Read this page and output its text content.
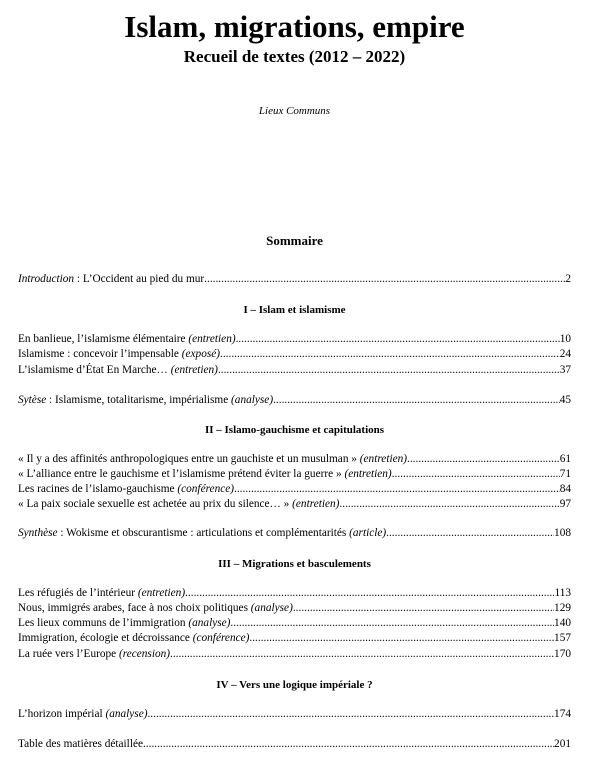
Islam, migrations, empire
Recueil de textes (2012 – 2022)
Lieux Communs
Sommaire
I – Islam et islamisme
II – Islamo-gauchisme et capitulations
III – Migrations et basculements
IV – Vers une logique impériale ?
Introduction : L’Occident au pied du mur .....	2
En banlieue, l’islamisme élémentaire (entretien) .....	10
Islamisme : concevoir l’impensable (exposé) .....	24
L’islamisme d’État En Marche… (entretien) .....	37
Sytèse : Islamisme, totalitarisme, impérialisme (analyse) .....	45
« Il y a des affinités anthropologiques entre un gauchiste et un musulman » (entretien) .....	61
« L’alliance entre le gauchisme et l’islamisme prétend éviter la guerre » (entretien) .....	71
Les racines de l’islamo-gauchisme (conférence) .....	84
« La paix sociale sexuelle est achetée au prix du silence… » (entretien) .....	97
Synthèse : Wokisme et obscurantisme : articulations et complémentarités (article) .....	108
Les réfugiés de l’intérieur (entretien) .....	113
Nous, immigrés arabes, face à nos choix politiques (analyse) .....	129
Les lieux communs de l’immigration (analyse) .....	140
Immigration, écologie et décroissance (conférence) .....	157
La ruée vers l’Europe (recension) .....	170
L’horizon impérial (analyse) .....	174
Table des matières détaillée .....	201
